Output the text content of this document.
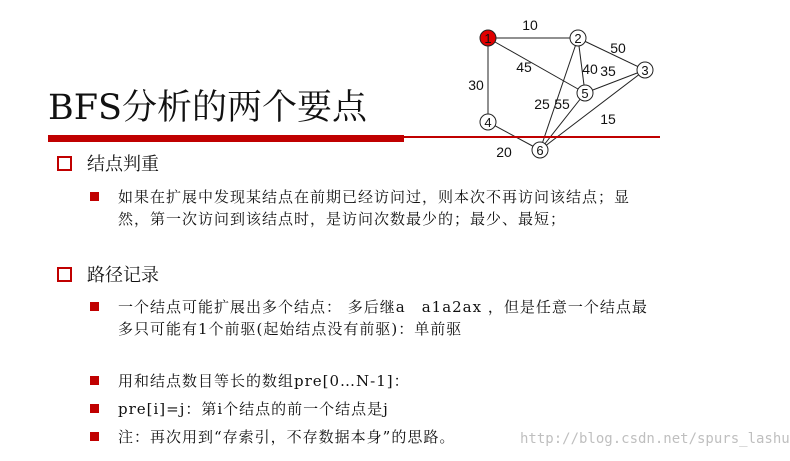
10
50
45
30
40 35
25 55
15
20
1	2
3
4
5
6
BFS分析的两个要点
结点判重
如果在扩展中发现某结点在前期已经访问过，则本次不再访问该结点；显然，第一次访问到该结点时，是访问次数最少的；最少、最短；
路径记录
一个结点可能扩展出多个结点： 多后继a　a1a2ax ，但是任意一个结点最多只可能有1个前驱(起始结点没有前驱)：单前驱
用和结点数目等长的数组pre[0…N-1]：
pre[i]=j：第i个结点的前一个结点是j
注：再次用到“存索引，不存数据本身”的思路。	http://blog.csdn.net/spurs_lashu
